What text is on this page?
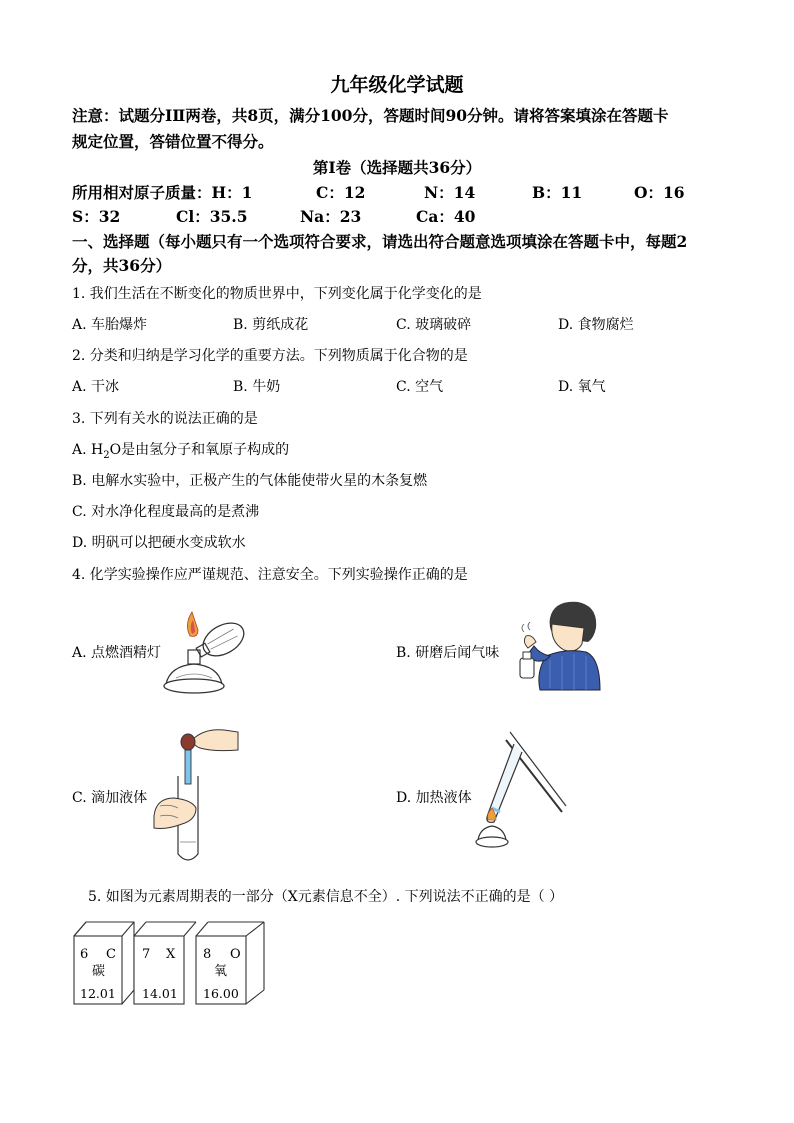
九年级化学试题
注意：试题分ⅠⅡ两卷，共8页，满分100分，答题时间90分钟。请将答案填涂在答题卡
规定位置，答错位置不得分。
第Ⅰ卷（选择题共36分）
所用相对原子质量：H：1	C：12	N：14	B：11	O：16
S：32	Cl：35.5	Na：23	Ca：40
一、选择题（每小题只有一个选项符合要求，请选出符合题意选项填涂在答题卡中，每题2
分，共36分）
1. 我们生活在不断变化的物质世界中，下列变化属于化学变化的是
A. 车胎爆炸	B. 剪纸成花	C. 玻璃破碎	D. 食物腐烂
2. 分类和归纳是学习化学的重要方法。下列物质属于化合物的是
A. 干冰	B. 牛奶	C. 空气	D. 氧气
3. 下列有关水的说法正确的是
A. $H_2O$是由氢分子和氧原子构成的
B. 电解水实验中，正极产生的气体能使带火星的木条复燃
C. 对水净化程度最高的是煮沸
D. 明矾可以把硬水变成软水
4. 化学实验操作应严谨规范、注意安全。下列实验操作正确的是
A. 点燃酒精灯	B. 研磨后闻气味
C. 滴加液体	D. 加热液体
5. 如图为元素周期表的一部分（X元素信息不全）. 下列说法不正确的是（ ）
6 C
碳
12.01
7 X
14.01
8 O
氧
16.00
